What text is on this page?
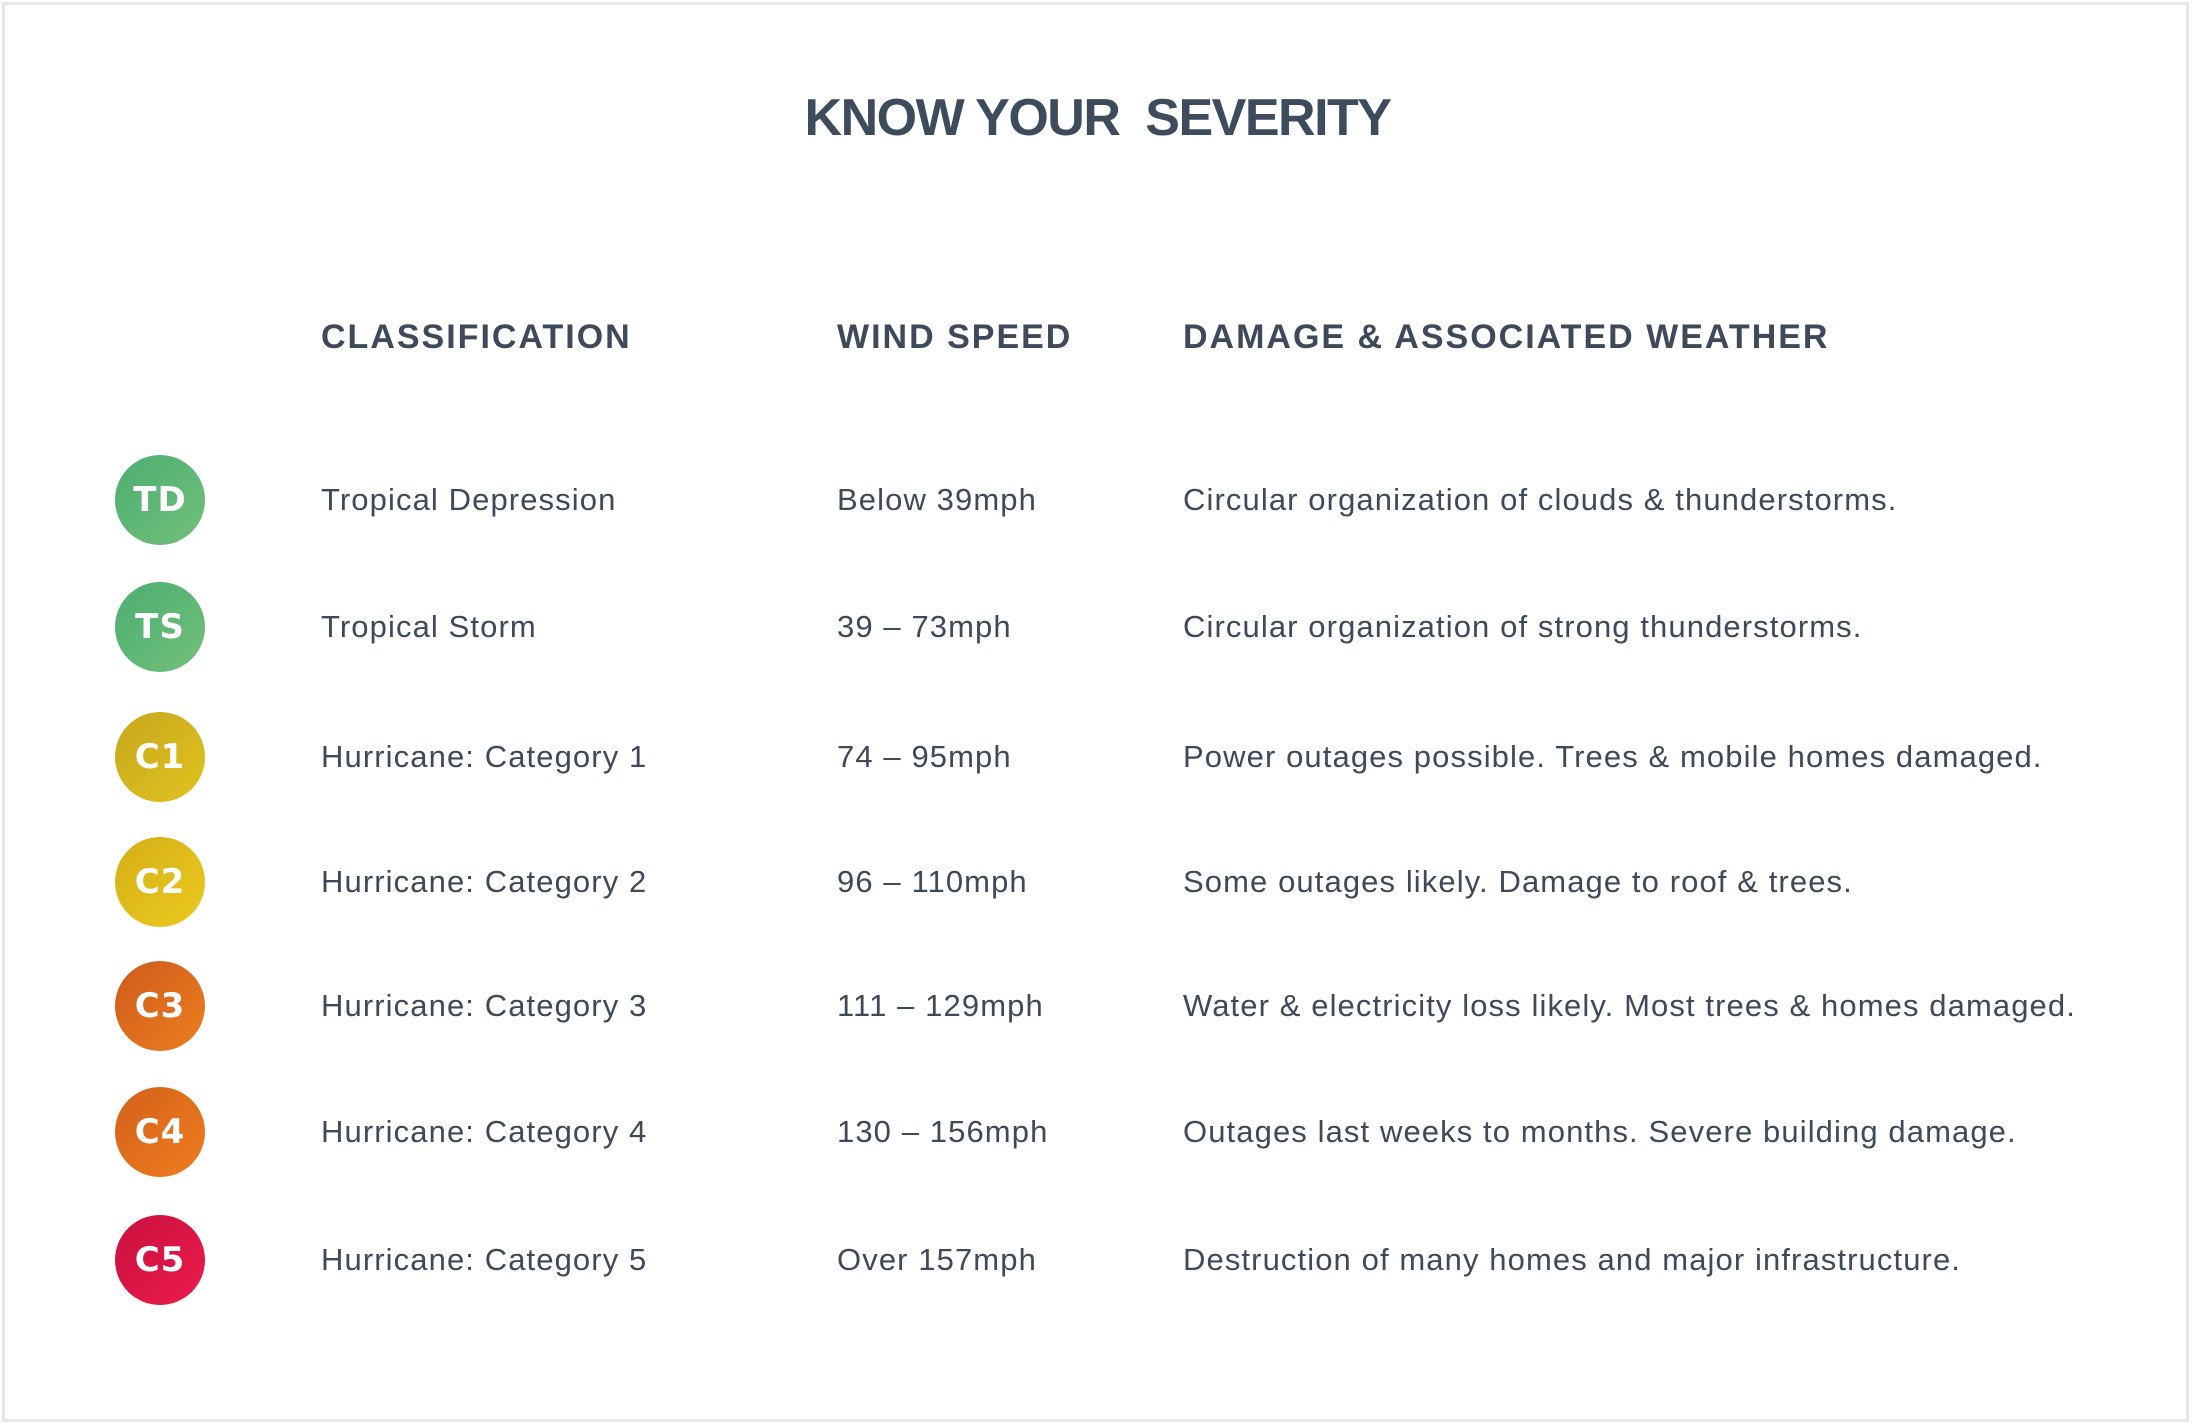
KNOW YOUR  SEVERITY
CLASSIFICATION	WIND SPEED	DAMAGE & ASSOCIATED WEATHER
TD	Tropical Depression	Below 39mph	Circular organization of clouds & thunderstorms.
TS	Tropical Storm	39 – 73mph	Circular organization of strong thunderstorms.
C1	Hurricane: Category 1	74 – 95mph	Power outages possible. Trees & mobile homes damaged.
C2	Hurricane: Category 2	96 – 110mph	Some outages likely. Damage to roof & trees.
C3	Hurricane: Category 3	111 – 129mph	Water & electricity loss likely. Most trees & homes damaged.
C4	Hurricane: Category 4	130 – 156mph	Outages last weeks to months. Severe building damage.
C5	Hurricane: Category 5	Over 157mph	Destruction of many homes and major infrastructure.
